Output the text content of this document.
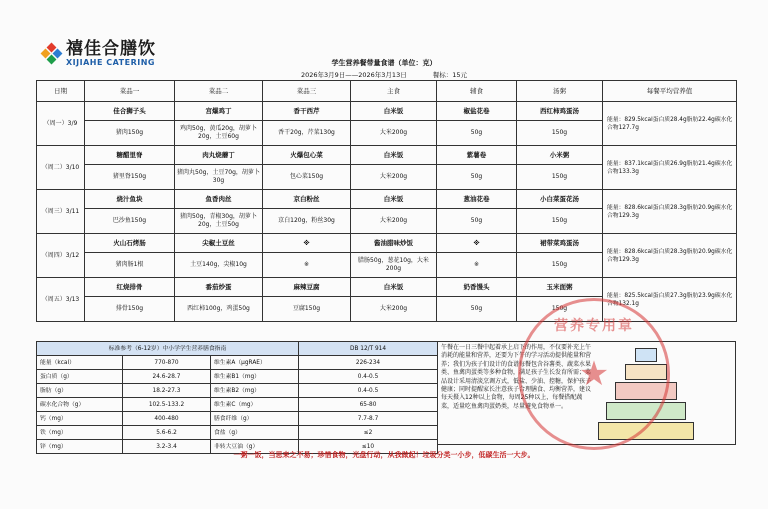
禧佳合膳饮
XIJIAHE CATERING	学生营养餐带量食谱（单位：克）
2026年3月9日——2026年3月13日	餐标：15元
日期	菜品一	菜品二	菜品三	主食	辅食	汤粥	每餐平均营养值
（周一）3/9	佳合狮子头	宫爆鸡丁	香干西芹	白米饭	椒盐花卷	西红柿鸡蛋汤	能量：829.5kcal蛋白质28.4g脂肪22.4g碳水化合物127.7g
	猪肉150g	鸡肉50g，黄瓜20g，胡萝卜20g，土豆60g	香干20g，芹菜130g	大米200g	50g	150g	
（周二）3/10	糖醋里脊	肉丸烧蘑丁	火爆包心菜	白米饭	紫薯卷	小米粥	能量：837.1kcal蛋白质26.9g脂肪21.4g碳水化合物133.3g
	猪里脊150g	猪肉丸50g，土豆70g，胡萝卜30g	包心菜150g	大米200g	50g	150g	
（周三）3/11	烧汁鱼块	鱼香肉丝	京白粉丝	白米饭	葱油花卷	小白菜蛋花汤	能量：828.6kcal蛋白质28.3g脂肪20.9g碳水化合物129.3g
	巴沙鱼150g	猪肉50g，青椒30g，胡萝卜20g，土豆50g	京白120g，粉丝30g	大米200g	50g	150g	
（周四）3/12	火山石烤肠	尖椒土豆丝	※	酱油腊味炒饭	※	裙带菜鸡蛋汤	能量：828.6kcal蛋白质28.3g脂肪20.9g碳水化合物129.3g
	猪肉肠1根	土豆140g，尖椒10g	※	腊肠50g，葱花10g，大米200g	※	150g	
（周五）3/13	红烧排骨	番茄炒蛋	麻辣豆腐	白米饭	奶香馒头	玉米面粥	能量：825.5kcal蛋白质27.3g脂肪23.9g碳水化合物132.1g
	排骨150g	西红柿100g，鸡蛋50g	豆腐150g	大米200g	50g	150g	
标准参考（6-12岁）中小学学生营养膳食指南			DB 12/T 914
能量（kcal）	770-870	维生素A（μgRAE）	226-234
蛋白质（g）	24.6-28.7	维生素B1（mg）	0.4-0.5
脂肪（g）	18.2-27.3	维生素B2（mg）	0.4-0.5
碳水化合物（g）	102.5-133.2	维生素C（mg）	65-80
钙（mg）	400-480	膳食纤维（g）	7.7-8.7
铁（mg）	5.6-6.2	食盐（g）	≤2
锌（mg）	3.2-3.4	非转大豆油（g）	≤10
午餐在一日三餐中起着承上启下的作用，不仅要补充上午消耗的能量和营养，还要为下午的学习活动提供能量和营养；我们为孩子们设计的食谱每餐包含谷薯类、蔬菜水果类、鱼禽肉蛋类等多种食物，满足孩子生长发育所需；菜品设计采用清淡烹调方式，低盐、少油、控糖，保护孩子健康；同时提醒家长注意孩子合理膳食、均衡营养，建议每天摄入12种以上食物，每周25种以上，每餐搭配蔬菜，适量吃鱼禽肉蛋奶类，尽量避免食物单一。
营养专用章
★
一粥一饭，当思来之不易；珍惜食物，光盘行动，从我做起！垃圾分类一小步，低碳生活一大步。
